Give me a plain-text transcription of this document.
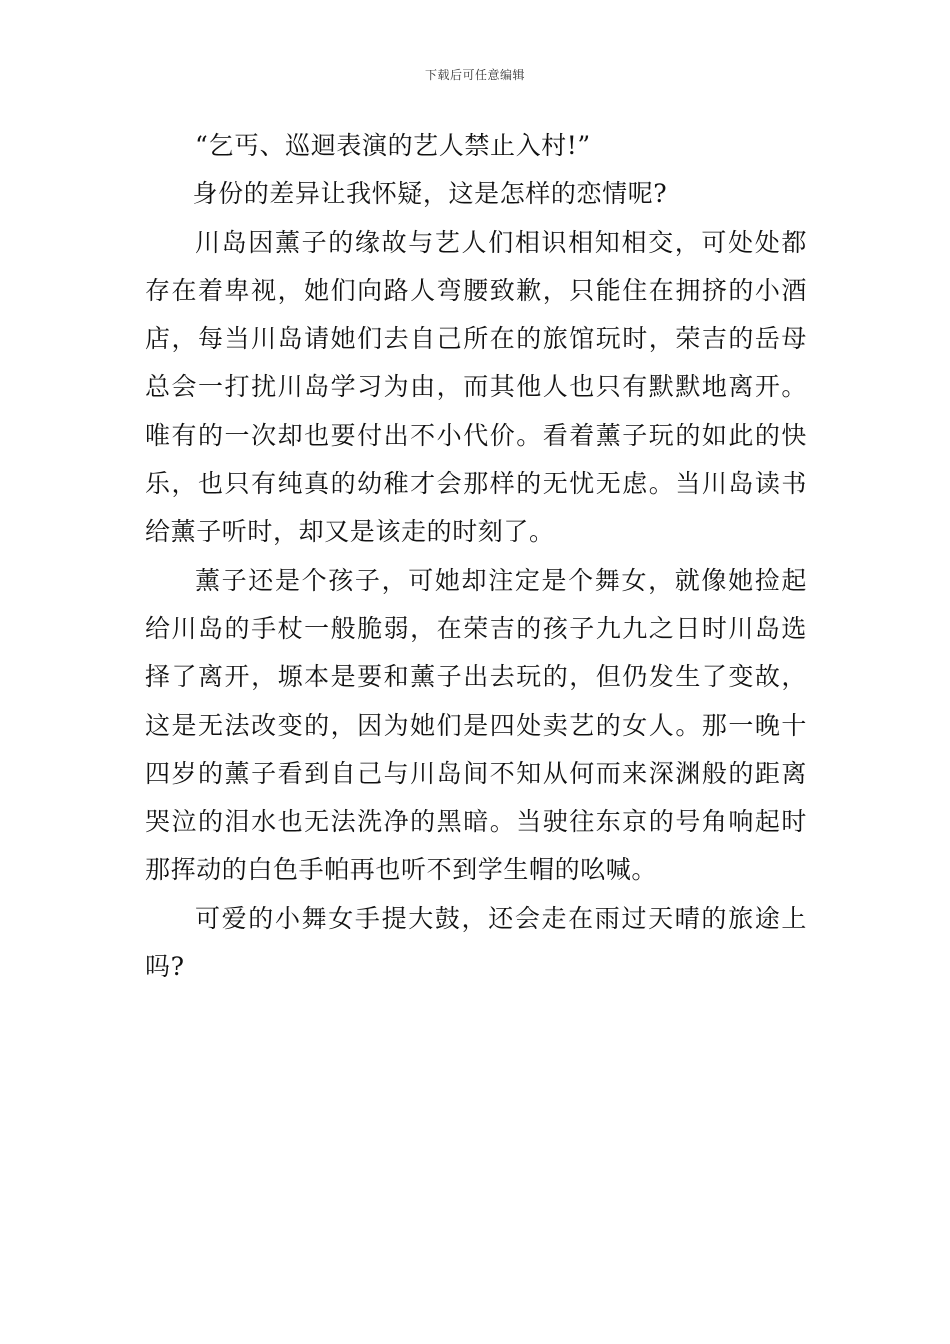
下载后可任意编辑

“乞丐、巡迴表演的艺人禁止入村!”

身份的差异让我怀疑，这是怎样的恋情呢?

川岛因薰子的缘故与艺人们相识相知相交，可处处都存在着卑视，她们向路人弯腰致歉，只能住在拥挤的小酒店，每当川岛请她们去自己所在的旅馆玩时，荣吉的岳母总会一打扰川岛学习为由，而其他人也只有默默地离开。唯有的一次却也要付出不小代价。看着薰子玩的如此的快乐，也只有纯真的幼稚才会那样的无忧无虑。当川岛读书给薰子听时，却又是该走的时刻了。

薰子还是个孩子，可她却注定是个舞女，就像她捡起给川岛的手杖一般脆弱，在荣吉的孩子九九之日时川岛选择了离开，塬本是要和薰子出去玩的，但仍发生了变故，这是无法改变的，因为她们是四处卖艺的女人。那一晚十四岁的薰子看到自己与川岛间不知从何而来深渊般的距离哭泣的泪水也无法洗净的黑暗。当驶往东京的号角响起时那挥动的白色手帕再也听不到学生帽的吆喊。

可爱的小舞女手提大鼓，还会走在雨过天晴的旅途上吗?
